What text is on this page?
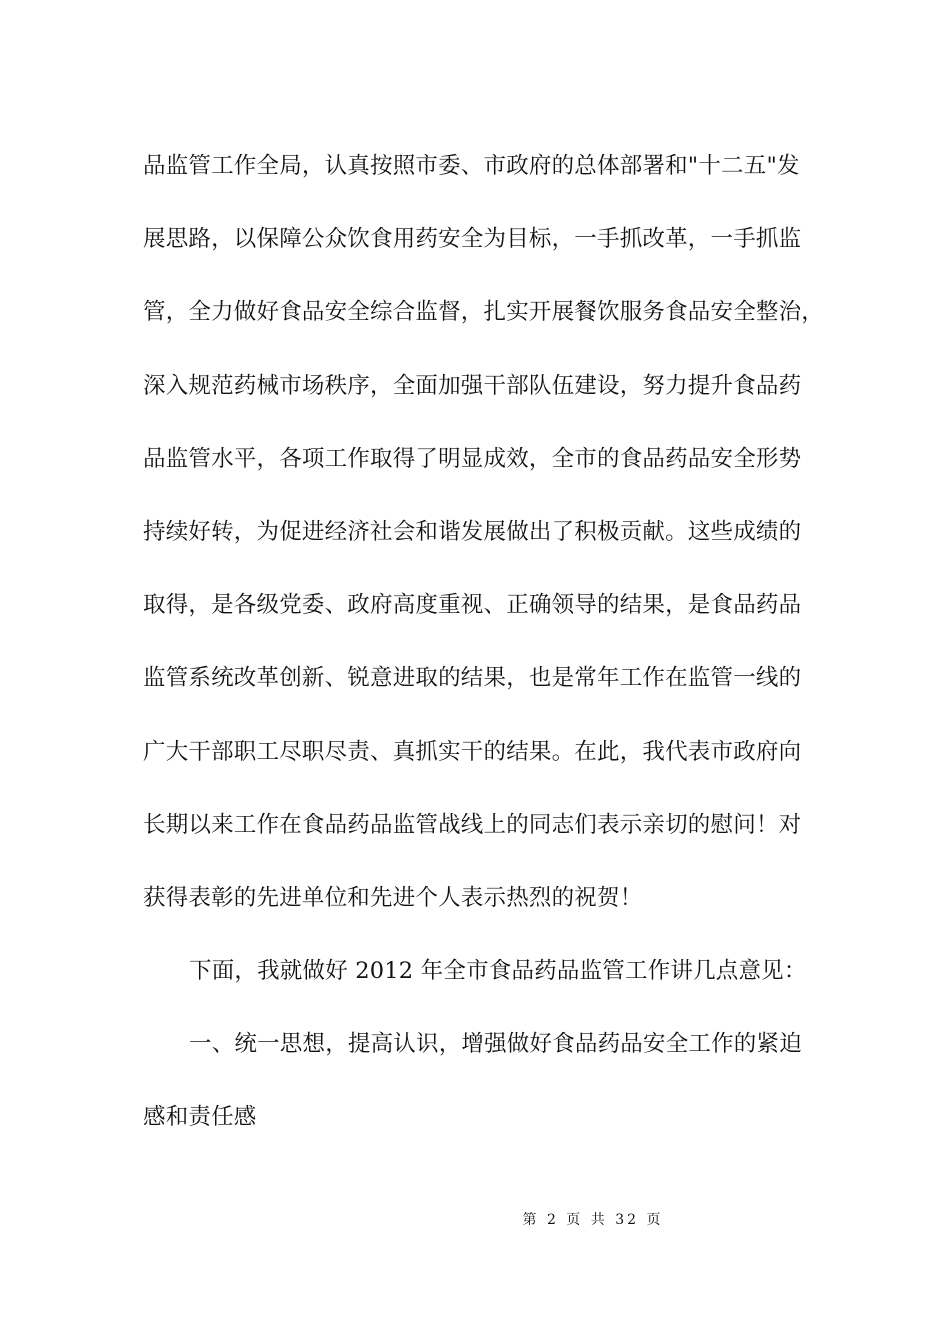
品监管工作全局，认真按照市委、市政府的总体部署和"十二五"发
展思路，以保障公众饮食用药安全为目标，一手抓改革，一手抓监
管，全力做好食品安全综合监督，扎实开展餐饮服务食品安全整治，
深入规范药械市场秩序，全面加强干部队伍建设，努力提升食品药
品监管水平，各项工作取得了明显成效，全市的食品药品安全形势
持续好转，为促进经济社会和谐发展做出了积极贡献。这些成绩的
取得，是各级党委、政府高度重视、正确领导的结果，是食品药品
监管系统改革创新、锐意进取的结果，也是常年工作在监管一线的
广大干部职工尽职尽责、真抓实干的结果。在此，我代表市政府向
长期以来工作在食品药品监管战线上的同志们表示亲切的慰问！对
获得表彰的先进单位和先进个人表示热烈的祝贺！
下面，我就做好 2012 年全市食品药品监管工作讲几点意见：
一、统一思想，提高认识，增强做好食品药品安全工作的紧迫
感和责任感
第 2 页 共 32 页
